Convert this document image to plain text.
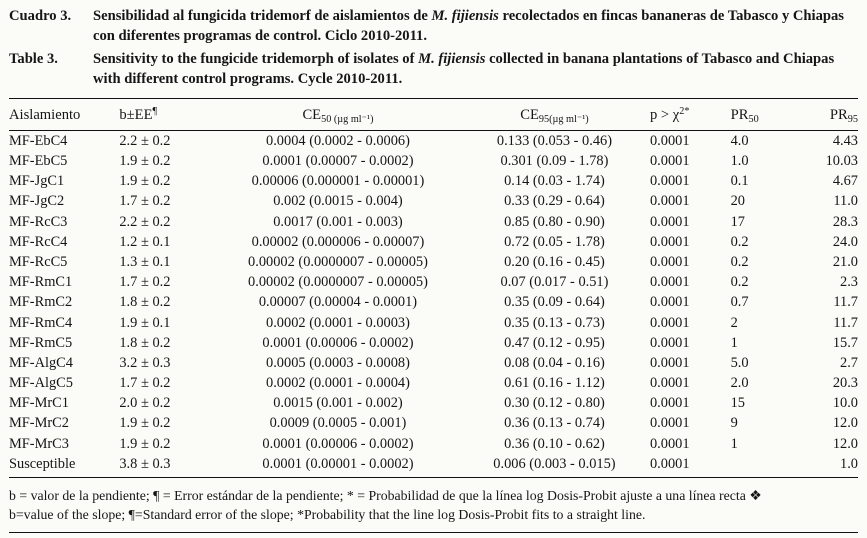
Cuadro 3.	Sensibilidad al fungicida tridemorf de aislamientos de M. fijiensis recolectados en fincas bananeras de Tabasco y Chiapas con diferentes programas de control. Ciclo 2010-2011.
Table 3.	Sensitivity to the fungicide tridemorph of isolates of M. fijiensis collected in banana plantations of Tabasco and Chiapas with different control programs. Cycle 2010-2011.
Aislamiento	b±EE¶	$CE_{50}$ $_{(\mu g ml^{-1})}$	$CE_{95(\mu g ml^{-1})}$	$p > \chi^{2*}$	$PR_{50}$	$PR_{95}$
MF-EbC4	2.2 ± 0.2	0.0004 (0.0002 - 0.0006)	0.133 (0.053 - 0.46)	0.0001	4.0	4.43
MF-EbC5	1.9 ± 0.2	0.0001 (0.00007 - 0.0002)	0.301 (0.09 - 1.78)	0.0001	1.0	10.03
MF-JgC1	1.9 ± 0.2	0.00006 (0.000001 - 0.00001)	0.14 (0.03 - 1.74)	0.0001	0.1	4.67
MF-JgC2	1.7 ± 0.2	0.002 (0.0015 - 0.004)	0.33 (0.29 - 0.64)	0.0001	20	11.0
MF-RcC3	2.2 ± 0.2	0.0017 (0.001 - 0.003)	0.85 (0.80 - 0.90)	0.0001	17	28.3
MF-RcC4	1.2 ± 0.1	0.00002 (0.000006 - 0.00007)	0.72 (0.05 - 1.78)	0.0001	0.2	24.0
MF-RcC5	1.3 ± 0.1	0.00002 (0.0000007 - 0.00005)	0.20 (0.16 - 0.45)	0.0001	0.2	21.0
MF-RmC1	1.7 ± 0.2	0.00002 (0.0000007 - 0.00005)	0.07 (0.017 - 0.51)	0.0001	0.2	2.3
MF-RmC2	1.8 ± 0.2	0.00007 (0.00004 - 0.0001)	0.35 (0.09 - 0.64)	0.0001	0.7	11.7
MF-RmC4	1.9 ± 0.1	0.0002 (0.0001 - 0.0003)	0.35 (0.13 - 0.73)	0.0001	2	11.7
MF-RmC5	1.8 ± 0.2	0.0001 (0.00006 - 0.0002)	0.47 (0.12 - 0.95)	0.0001	1	15.7
MF-AlgC4	3.2 ± 0.3	0.0005 (0.0003 - 0.0008)	0.08 (0.04 - 0.16)	0.0001	5.0	2.7
MF-AlgC5	1.7 ± 0.2	0.0002 (0.0001 - 0.0004)	0.61 (0.16 - 1.12)	0.0001	2.0	20.3
MF-MrC1	2.0 ± 0.2	0.0015 (0.001 - 0.002)	0.30 (0.12 - 0.80)	0.0001	15	10.0
MF-MrC2	1.9 ± 0.2	0.0009 (0.0005 - 0.001)	0.36 (0.13 - 0.74)	0.0001	9	12.0
MF-MrC3	1.9 ± 0.2	0.0001 (0.00006 - 0.0002)	0.36 (0.10 - 0.62)	0.0001	1	12.0
Susceptible	3.8 ± 0.3	0.0001 (0.00001 - 0.0002)	0.006 (0.003 - 0.015)	0.0001		1.0
b = valor de la pendiente; ¶ = Error estándar de la pendiente; * = Probabilidad de que la línea log Dosis-Probit ajuste a una línea recta ❖
b=value of the slope; ¶=Standard error of the slope; *Probability that the line log Dosis-Probit fits to a straight line.
